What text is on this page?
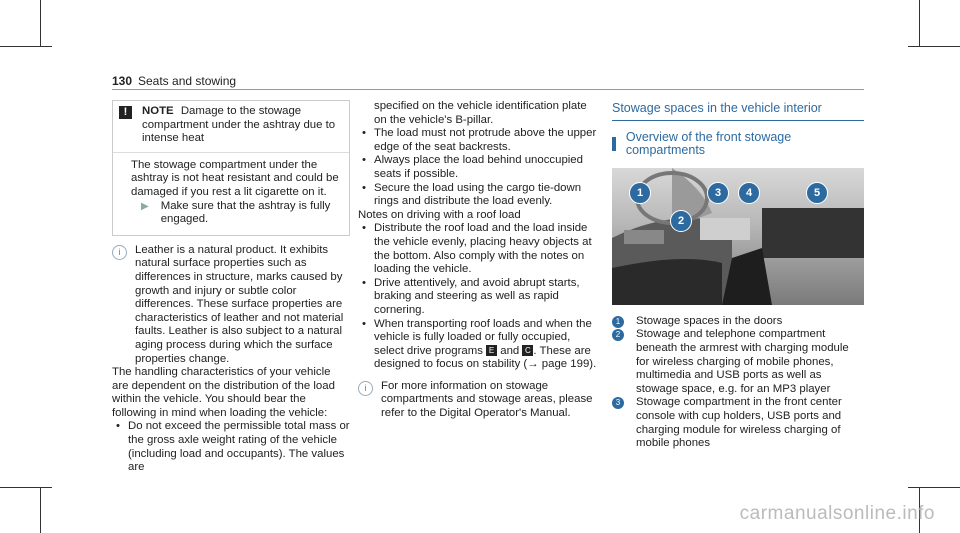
130 Seats and stowing
!	NOTE Damage to the stowage compartment under the ashtray due to intense heat

The stowage compartment under the ashtray is not heat resistant and could be damaged if you rest a lit cigarette on it.

▶ Make sure that the ashtray is fully engaged.
i	Leather is a natural product. It exhibits natural surface properties such as differences in structure, marks caused by growth and injury or subtle color differences. These surface properties are characteristics of leather and not material faults. Leather is also subject to a natural aging process during which the surface properties change.

The handling characteristics of your vehicle are dependent on the distribution of the load within the vehicle. You should bear the following in mind when loading the vehicle:

• Do not exceed the permissible total mass or the gross axle weight rating of the vehicle (including load and occupants). The values are

specified on the vehicle identification plate on the vehicle's B-pillar.

• The load must not protrude above the upper edge of the seat backrests.
• Always place the load behind unoccupied seats if possible.
• Secure the load using the cargo tie-down rings and distribute the load evenly.

Notes on driving with a roof load

• Distribute the roof load and the load inside the vehicle evenly, placing heavy objects at the bottom. Also comply with the notes on loading the vehicle.
• Drive attentively, and avoid abrupt starts, braking and steering as well as rapid cornering.
• When transporting roof loads and when the vehicle is fully loaded or fully occupied, select drive programs E and C . These are designed to focus on stability (→ page 199).
i	For more information on stowage compartments and stowage areas, please refer to the Digital Operator's Manual.
Stowage spaces in the vehicle interior
Overview of the front stowage compartments
1
2
3	4	5
1	Stowage spaces in the doors
2	Stowage and telephone compartment beneath the armrest with charging module for wireless charging of mobile phones, multimedia and USB ports as well as stowage space, e.g. for an MP3 player
3	Stowage compartment in the front center console with cup holders, USB ports and charging module for wireless charging of mobile phones
carmanualsonline.info
